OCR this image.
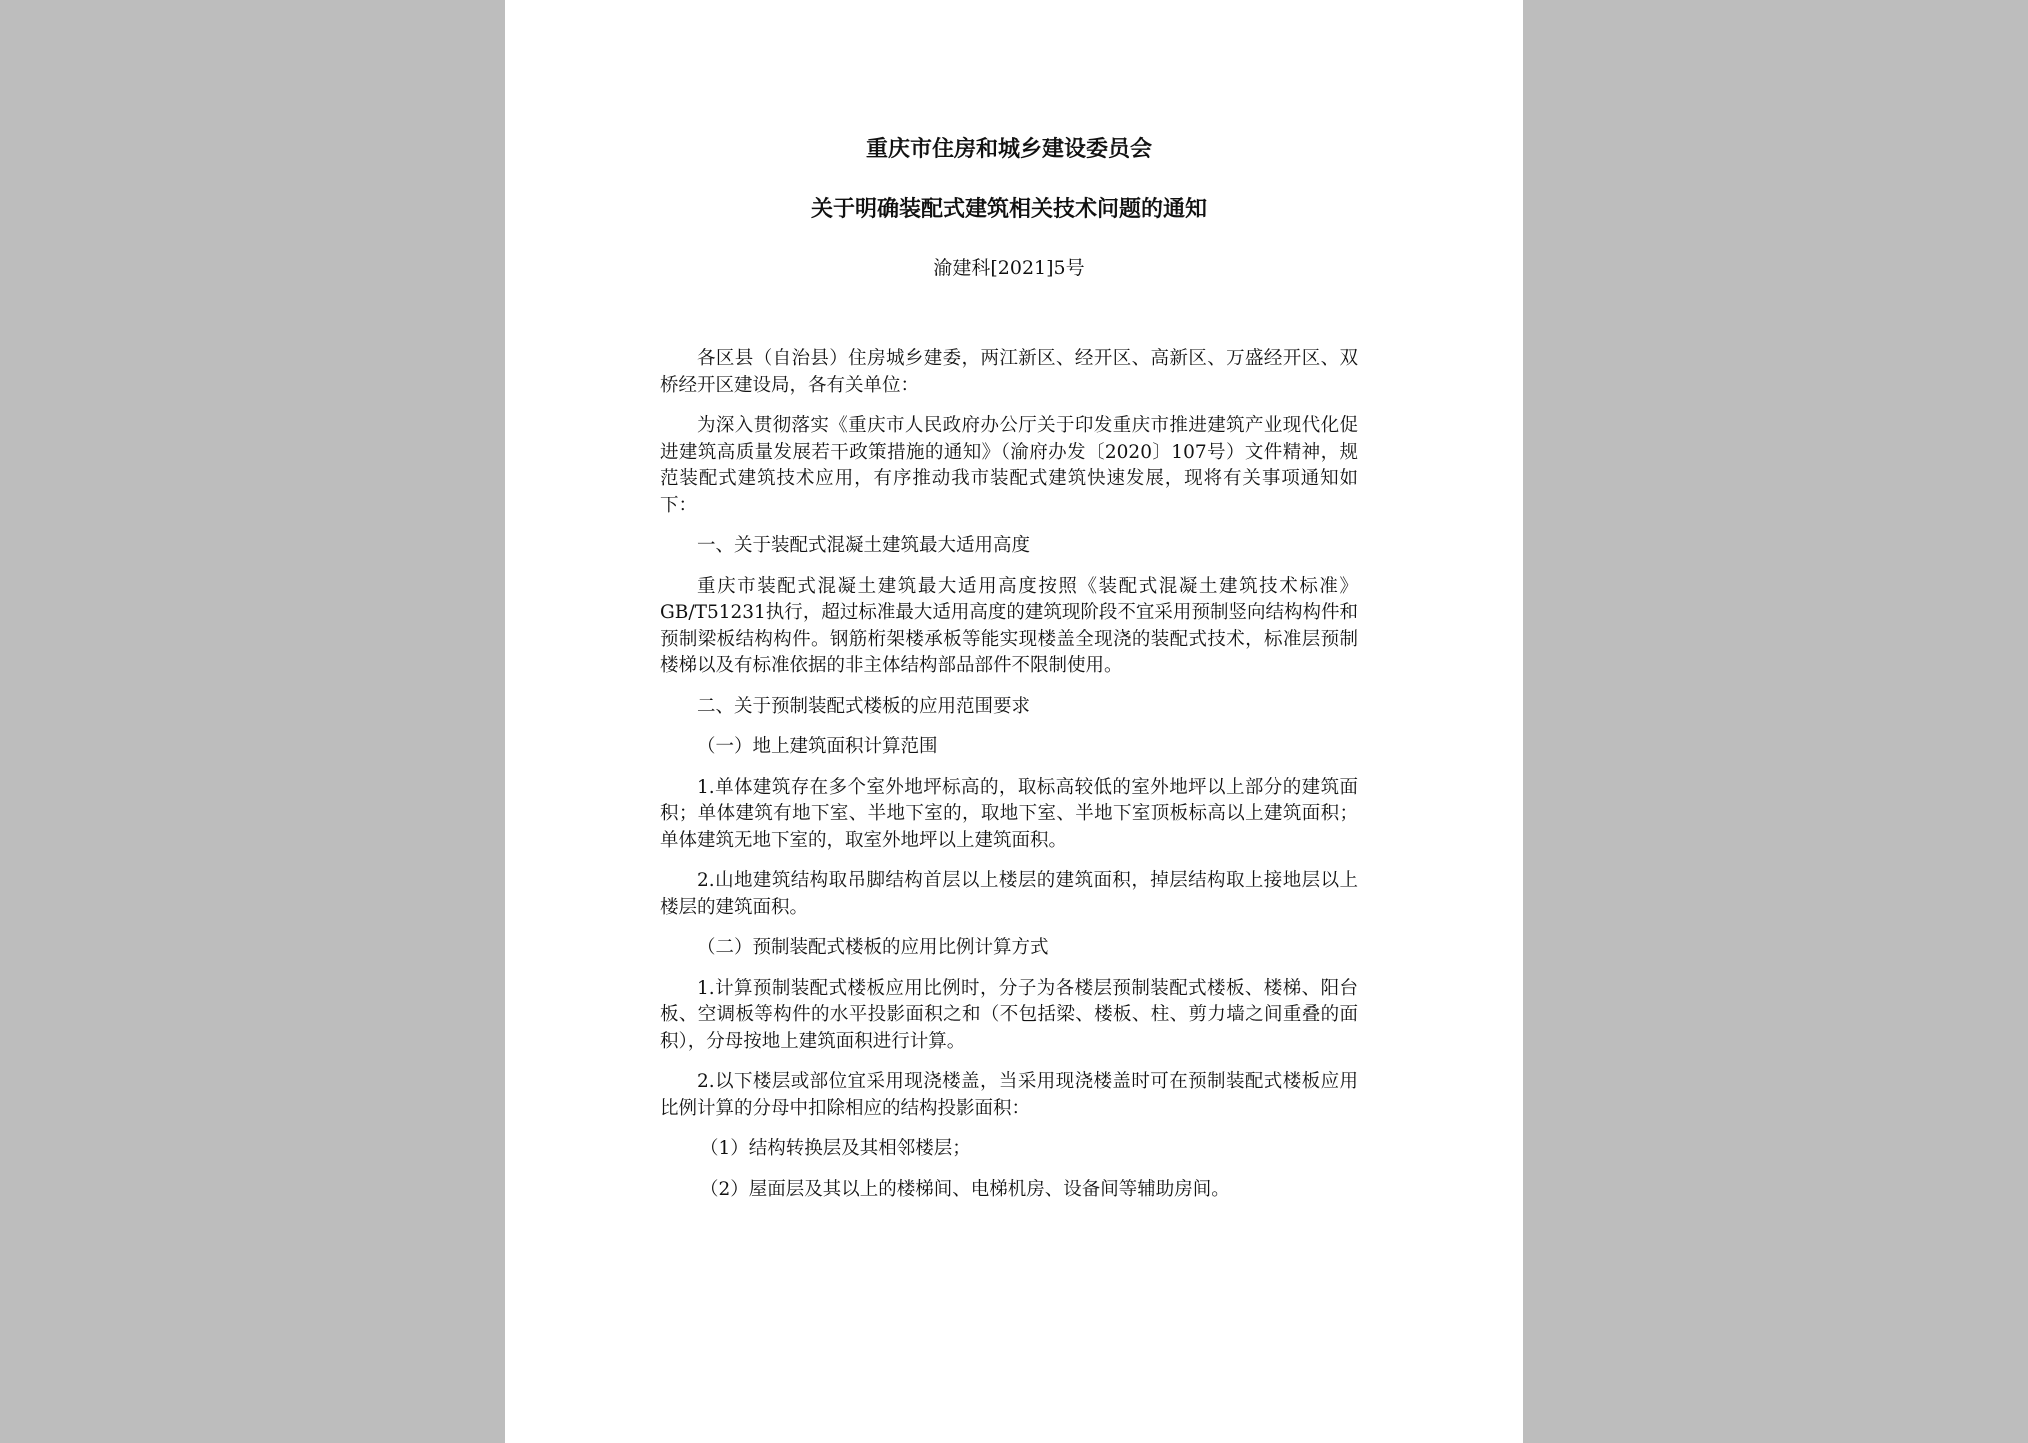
重庆市住房和城乡建设委员会
关于明确装配式建筑相关技术问题的通知
渝建科[2021]5号

各区县（自治县）住房城乡建委，两江新区、经开区、高新区、万盛经开区、双桥经开区建设局，各有关单位：

为深入贯彻落实《重庆市人民政府办公厅关于印发重庆市推进建筑产业现代化促进建筑高质量发展若干政策措施的通知》（渝府办发〔2020〕107号）文件精神，规范装配式建筑技术应用，有序推动我市装配式建筑快速发展，现将有关事项通知如下：

一、关于装配式混凝土建筑最大适用高度

重庆市装配式混凝土建筑最大适用高度按照《装配式混凝土建筑技术标准》GB/T51231执行，超过标准最大适用高度的建筑现阶段不宜采用预制竖向结构构件和预制梁板结构构件。钢筋桁架楼承板等能实现楼盖全现浇的装配式技术，标准层预制楼梯以及有标准依据的非主体结构部品部件不限制使用。

二、关于预制装配式楼板的应用范围要求

（一）地上建筑面积计算范围

1.单体建筑存在多个室外地坪标高的，取标高较低的室外地坪以上部分的建筑面积；单体建筑有地下室、半地下室的，取地下室、半地下室顶板标高以上建筑面积；单体建筑无地下室的，取室外地坪以上建筑面积。

2.山地建筑结构取吊脚结构首层以上楼层的建筑面积，掉层结构取上接地层以上楼层的建筑面积。

（二）预制装配式楼板的应用比例计算方式

1.计算预制装配式楼板应用比例时，分子为各楼层预制装配式楼板、楼梯、阳台板、空调板等构件的水平投影面积之和（不包括梁、楼板、柱、剪力墙之间重叠的面积），分母按地上建筑面积进行计算。

2.以下楼层或部位宜采用现浇楼盖，当采用现浇楼盖时可在预制装配式楼板应用比例计算的分母中扣除相应的结构投影面积：

（1）结构转换层及其相邻楼层；

（2）屋面层及其以上的楼梯间、电梯机房、设备间等辅助房间。
